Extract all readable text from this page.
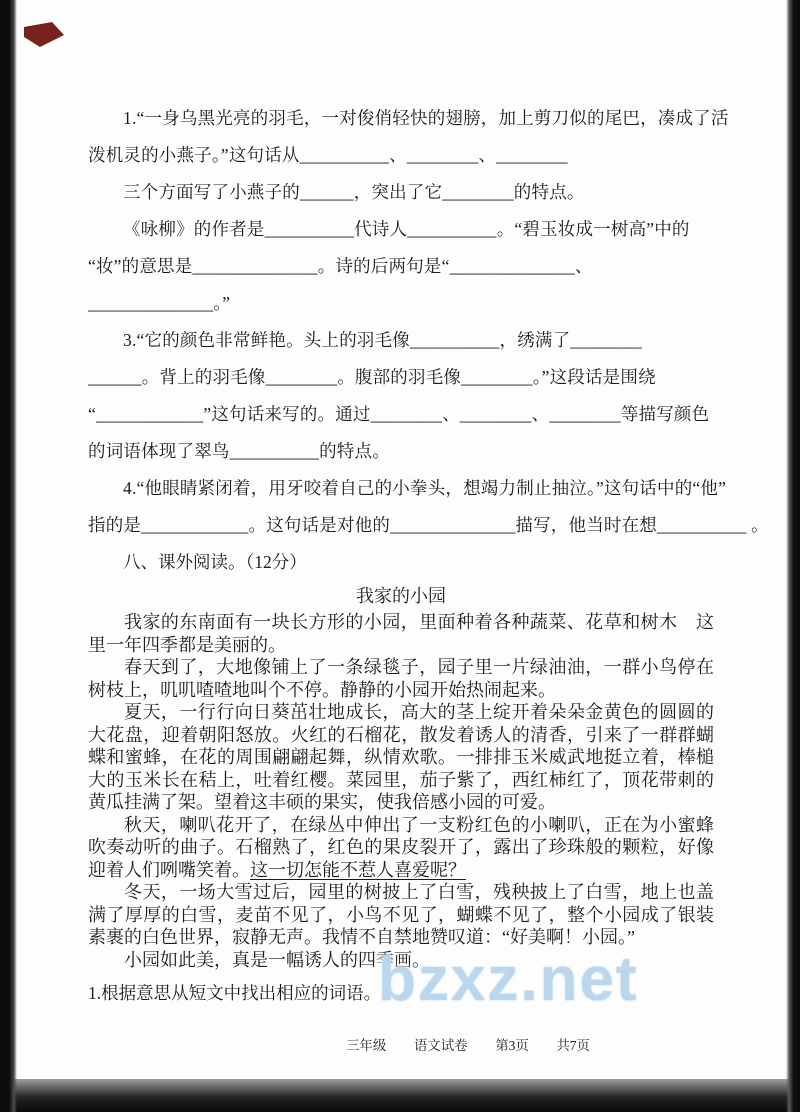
1.“一身乌黑光亮的羽毛，一对俊俏轻快的翅膀，加上剪刀似的尾巴，凑成了活
泼机灵的小燕子。”这句话从__________、________、________
三个方面写了小燕子的______，突出了它________的特点。
《咏柳》的作者是__________代诗人__________。“碧玉妆成一树高”中的
“妆”的意思是______________。诗的后两句是“______________、
______________。”
3.“它的颜色非常鲜艳。头上的羽毛像__________，绣满了________
______。背上的羽毛像________。腹部的羽毛像________。”这段话是围绕
“____________”这句话来写的。通过________、________、________等描写颜色
的词语体现了翠鸟__________的特点。
4.“他眼睛紧闭着，用牙咬着自己的小拳头，想竭力制止抽泣。”这句话中的“他”
指的是____________。这句话是对他的______________描写，他当时在想__________ 。
八、课外阅读。（12分）
我家的小园

我家的东南面有一块长方形的小园，里面种着各种蔬菜、花草和树木　这里一年四季都是美丽的。

春天到了，大地像铺上了一条绿毯子，园子里一片绿油油，一群小鸟停在树枝上，叽叽喳喳地叫个不停。静静的小园开始热闹起来。

夏天，一行行向日葵茁壮地成长，高大的茎上绽开着朵朵金黄色的圆圆的大花盘，迎着朝阳怒放。火红的石榴花，散发着诱人的清香，引来了一群群蝴蝶和蜜蜂，在花的周围翩翩起舞，纵情欢歌。一排排玉米威武地挺立着，棒槌大的玉米长在秸上，吐着红樱。菜园里，茄子紫了，西红柿红了，顶花带刺的黄瓜挂满了架。望着这丰硕的果实，使我倍感小园的可爱。

秋天，喇叭花开了，在绿丛中伸出了一支粉红色的小喇叭，正在为小蜜蜂吹奏动听的曲子。石榴熟了，红色的果皮裂开了，露出了珍珠般的颗粒，好像迎着人们咧嘴笑着。这一切怎能不惹人喜爱呢？

冬天，一场大雪过后，园里的树披上了白雪，残秧披上了白雪，地上也盖满了厚厚的白雪，麦苗不见了，小鸟不见了，蝴蝶不见了，整个小园成了银装素裹的白色世界，寂静无声。我情不自禁地赞叹道：“好美啊！小园。”

小园如此美，真是一幅诱人的四季画。

1.根据意思从短文中找出相应的词语。
三年级 语文试卷 第3页 共7页
bzxz.net
